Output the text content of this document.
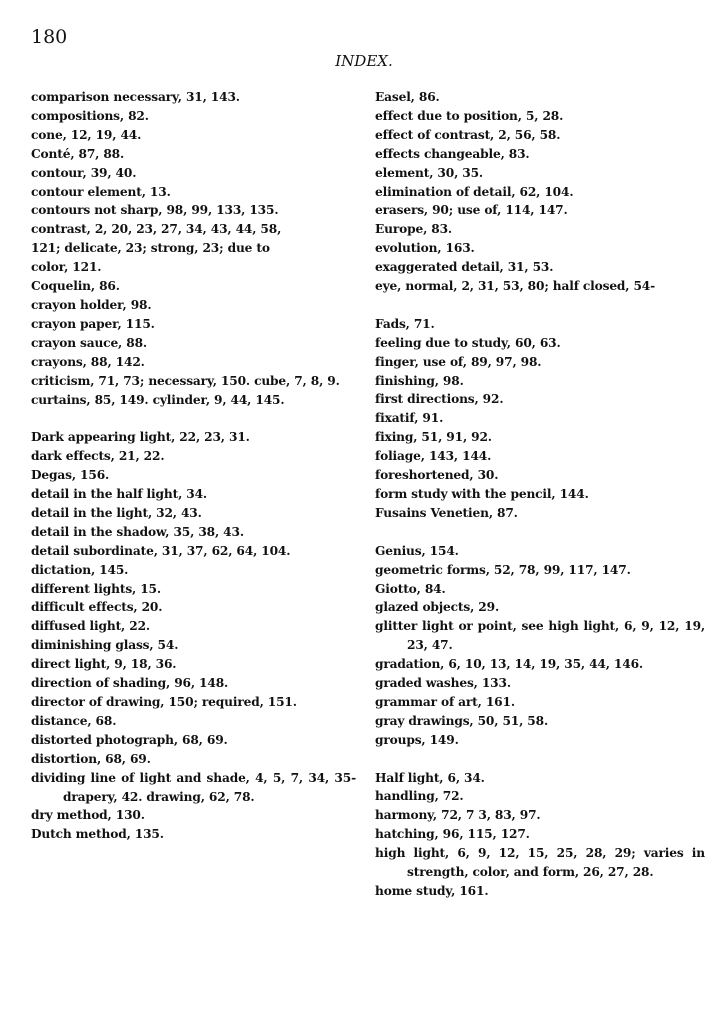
180
INDEX.
comparison necessary, 31, 143.
compositions, 82.
cone, 12, 19, 44.
Conté, 87, 88.
contour, 39, 40.
contour element, 13.
contours not sharp, 98, 99, 133, 135.
contrast, 2, 20, 23, 27, 34, 43, 44, 58,
121; delicate, 23; strong, 23; due to
color, 121.
Coquelin, 86.
crayon holder, 98.
crayon paper, 115.
crayon sauce, 88.
crayons, 88, 142.
criticism, 71, 73; necessary, 150. cube, 7, 8, 9.
curtains, 85, 149. cylinder, 9, 44, 145.
Dark appearing light, 22, 23, 31.
dark effects, 21, 22.
Degas, 156.
detail in the half light, 34.
detail in the light, 32, 43.
detail in the shadow, 35, 38, 43.
detail subordinate, 31, 37, 62, 64, 104.
dictation, 145.
different lights, 15.
difficult effects, 20.
diffused light, 22.
diminishing glass, 54.
direct light, 9, 18, 36.
direction of shading, 96, 148.
director of drawing, 150; required, 151.
distance, 68.
distorted photograph, 68, 69.
distortion, 68, 69.
dividing line of light and shade, 4, 5, 7, 34, 35- drapery, 42. drawing, 62, 78.
dry method, 130.
Dutch method, 135.
Easel, 86.
effect due to position, 5, 28.
effect of contrast, 2, 56, 58.
effects changeable, 83.
element, 30, 35.
elimination of detail, 62, 104.
erasers, 90; use of, 114, 147.
Europe, 83.
evolution, 163.
exaggerated detail, 31, 53.
eye, normal, 2, 31, 53, 80; half closed, 54-
Fads, 71.
feeling due to study, 60, 63.
finger, use of, 89, 97, 98.
finishing, 98.
first directions, 92.
fixatif, 91.
fixing, 51, 91, 92.
foliage, 143, 144.
foreshortened, 30.
form study with the pencil, 144.
Fusains Venetien, 87.
Genius, 154.
geometric forms, 52, 78, 99, 117, 147.
Giotto, 84.
glazed objects, 29.
glitter light or point, see high light, 6, 9, 12, 19, 23, 47.
gradation, 6, 10, 13, 14, 19, 35, 44, 146.
graded washes, 133.
grammar of art, 161.
gray drawings, 50, 51, 58.
groups, 149.
Half light, 6, 34.
handling, 72.
harmony, 72, 7 3, 83, 97.
hatching, 96, 115, 127.
high light, 6, 9, 12, 15, 25, 28, 29; varies in strength, color, and form, 26, 27, 28.
home study, 161.
